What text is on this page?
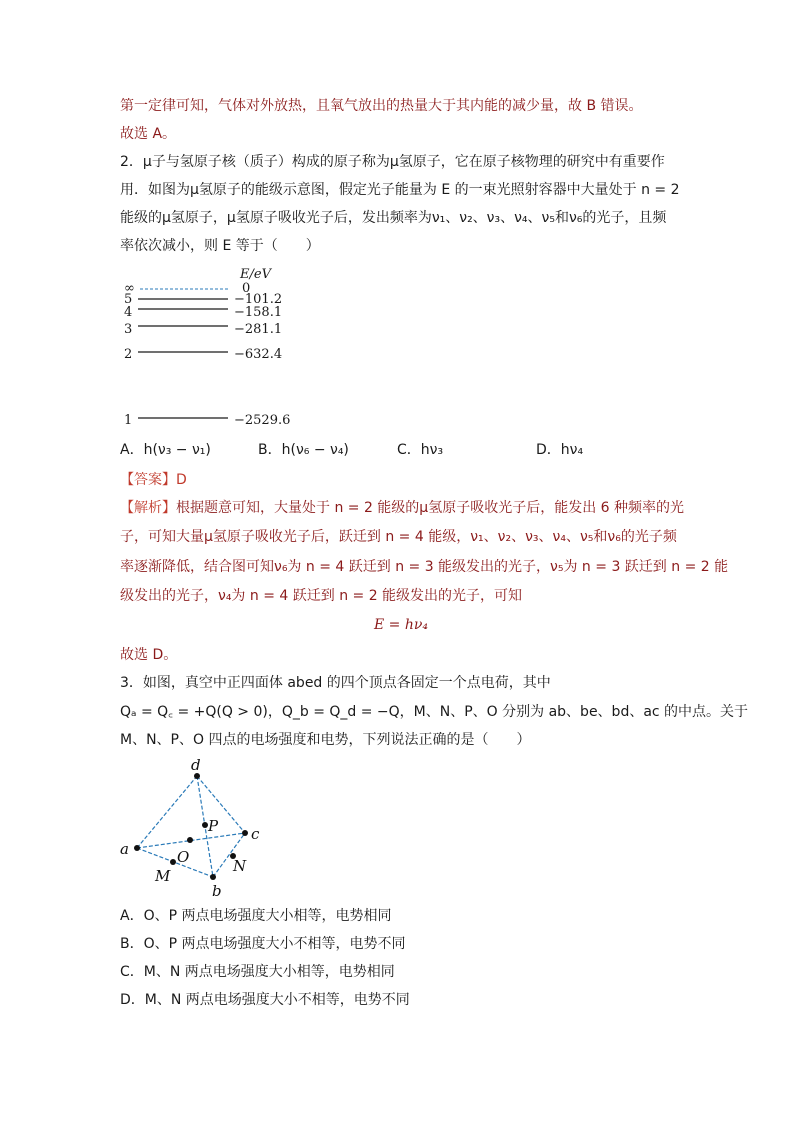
第一定律可知，气体对外放热，且氧气放出的热量大于其内能的减少量，故 B 错误。
故选 A。
2．μ子与氢原子核（质子）构成的原子称为μ氢原子，它在原子核物理的研究中有重要作
用．如图为μ氢原子的能级示意图，假定光子能量为 E 的一束光照射容器中大量处于 n = 2
能级的μ氢原子，μ氢原子吸收光子后，发出频率为ν₁、ν₂、ν₃、ν₄、ν₅和ν₆的光子，且频
率依次减小，则 E 等于（　　）
E/eV
∞	0
5	−101.2
4	−158.1
3	−281.1
2	−632.4
1	−2529.6
A．h(ν₃ − ν₁)	B．h(ν₆ − ν₄)	C．hν₃	D．hν₄
【答案】D
【解析】根据题意可知，大量处于 n = 2 能级的μ氢原子吸收光子后，能发出 6 种频率的光
子，可知大量μ氢原子吸收光子后，跃迁到 n = 4 能级，ν₁、ν₂、ν₃、ν₄、ν₅和ν₆的光子频
率逐渐降低，结合图可知ν₆为 n = 4 跃迁到 n = 3 能级发出的光子，ν₅为 n = 3 跃迁到 n = 2 能
级发出的光子，ν₄为 n = 4 跃迁到 n = 2 能级发出的光子，可知
E = hν₄
故选 D。
3．如图，真空中正四面体 abed 的四个顶点各固定一个点电荷，其中
Qₐ = Q꜀ = +Q(Q > 0)，Q_b = Q_d = −Q，M、N、P、O 分别为 ab、be、bd、ac 的中点。关于
M、N、P、O 四点的电场强度和电势，下列说法正确的是（　　）
d
P c
a	O	N
M
b
A．O、P 两点电场强度大小相等，电势相同
B．O、P 两点电场强度大小不相等，电势不同
C．M、N 两点电场强度大小相等，电势相同
D．M、N 两点电场强度大小不相等，电势不同
